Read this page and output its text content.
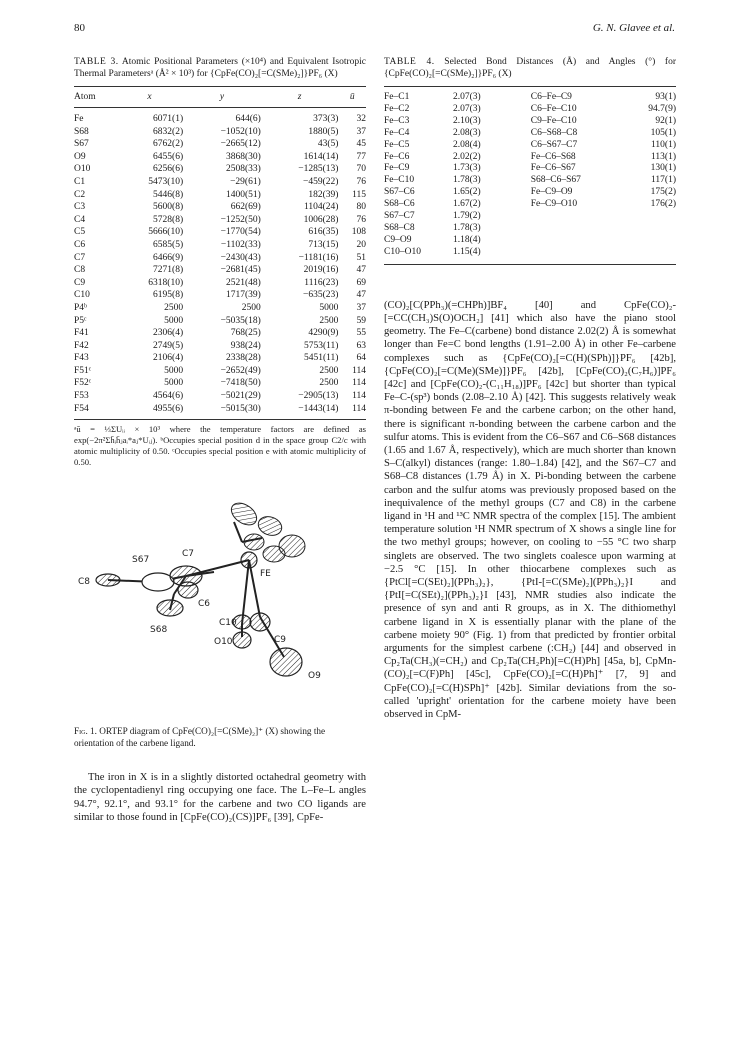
80	G. N. Glavee et al.
TABLE 3. Atomic Positional Parameters (×10⁴) and Equivalent Isotropic Thermal Parametersᵃ (Å² × 10³) for {CpFe(CO)₂[=C(SMe)₂]}PF₆ (X)
Atom	x	y	z	ū
Fe	6071(1)	644(6)	373(3)	32
S68	6832(2)	−1052(10)	1880(5)	37
S67	6762(2)	−2665(12)	43(5)	45
O9	6455(6)	3868(30)	1614(14)	77
O10	6256(6)	2508(33)	−1285(13)	70
C1	5473(10)	−29(61)	−459(22)	76
C2	5446(8)	1400(51)	182(39)	115
C3	5600(8)	662(69)	1104(24)	80
C4	5728(8)	−1252(50)	1006(28)	76
C5	5666(10)	−1770(54)	616(35)	108
C6	6585(5)	−1102(33)	713(15)	20
C7	6466(9)	−2430(43)	−1181(16)	51
C8	7271(8)	−2681(45)	2019(16)	47
C9	6318(10)	2521(48)	1116(23)	69
C10	6195(8)	1717(39)	−635(23)	47
P4ᵇ	2500	2500	5000	37
P5ᶜ	5000	−5035(18)	2500	59
F41	2306(4)	768(25)	4290(9)	55
F42	2749(5)	938(24)	5753(11)	63
F43	2106(4)	2338(28)	5451(11)	64
F51ᶜ	5000	−2652(49)	2500	114
F52ᶜ	5000	−7418(50)	2500	114
F53	4564(6)	−5021(29)	−2905(13)	114
F54	4955(6)	−5015(30)	−1443(14)	114
ᵃū = ⅓ΣUᵢᵢ × 10³ where the temperature factors are defined as exp(−2π²Σh̄ᵢh̄ⱼaᵢ*aⱼ*Uᵢⱼ). ᵇOccupies special position d in the space group C2/c with atomic multiplicity of 0.50. ᶜOccupies special position e with atomic multiplicity of 0.50.
S67
C7
C8
FE
C6
S68
C10
O10	C9
O9
Fig. 1. ORTEP diagram of CpFe(CO)₂[=C(SMe)₂]⁺ (X) showing the orientation of the carbene ligand.

The iron in X is in a slightly distorted octahedral geometry with the cyclopentadienyl ring occupying one face. The L–Fe–L angles 94.7°, 92.1°, and 93.1° for the carbene and two CO ligands are similar to those found in [CpFe(CO)₂(CS)]PF₆ [39], CpFe-

TABLE 4. Selected Bond Distances (Å) and Angles (°) for {CpFe(CO)₂[=C(SMe)₂]}PF₆ (X)
Fe–C1	2.07(3)	C6–Fe–C9	93(1)
Fe–C2	2.07(3)	C6–Fe–C10	94.7(9)
Fe–C3	2.10(3)	C9–Fe–C10	92(1)
Fe–C4	2.08(3)	C6–S68–C8	105(1)
Fe–C5	2.08(4)	C6–S67–C7	110(1)
Fe–C6	2.02(2)	Fe–C6–S68	113(1)
Fe–C9	1.73(3)	Fe–C6–S67	130(1)
Fe–C10	1.78(3)	S68–C6–S67	117(1)
S67–C6	1.65(2)	Fe–C9–O9	175(2)
S68–C6	1.67(2)	Fe–C9–O10	176(2)
S67–C7	1.79(2)		
S68–C8	1.78(3)		
C9–O9	1.18(4)		
C10–O10	1.15(4)		

(CO)₂[C(PPh₃)(=CHPh)]BF₄ [40] and CpFe(CO)₂-[=CC(CH₃)S(O)OCH₂] [41] which also have the piano stool geometry. The Fe–C(carbene) bond distance 2.02(2) Å is somewhat longer than Fe=C bond lengths (1.91–2.00 Å) in other Fe–carbene complexes such as {CpFe(CO)₂[=C(H)(SPh)]}PF₆ [42b], {CpFe(CO)₂[=C(Me)(SMe)]}PF₆ [42b], [CpFe(CO)₂(C₇H₆)]PF₆ [42c] and [CpFe(CO)₂-(C₁₁H₁₈)]PF₆ [42c] but shorter than typical Fe–C-(sp³) bonds (2.08–2.10 Å) [42]. This suggests relatively weak π-bonding between Fe and the carbene carbon; on the other hand, there is significant π-bonding between the carbene carbon and the sulfur atoms. This is evident from the C6–S67 and C6–S68 distances (1.65 and 1.67 Å, respectively), which are much shorter than known S–C(alkyl) distances (range: 1.80–1.84) [42], and the S67–C7 and S68–C8 distances (1.79 Å) in X. Pi-bonding between the carbene carbon and the sulfur atoms was previously proposed based on the inequivalence of the methyl groups (C7 and C8) in the carbene ligand in ¹H and ¹³C NMR spectra of the complex [15]. The ambient temperature solution ¹H NMR spectrum of X shows a single line for the two methyl groups; however, on cooling to −55 °C two sharp singlets are observed. The two singlets coalesce upon warming at −2.5 °C [15]. In other thiocarbene complexes such as {PtCl[=C(SEt)₂](PPh₃)₂}, {PtI-[=C(SMe)₂](PPh₃)₂}I and {PtI[=C(SEt)₂](PPh₃)₂}I [43], NMR studies also indicate the presence of syn and anti R groups, as in X. The dithiomethyl carbene ligand in X is essentially planar with the plane of the carbene moiety 90° (Fig. 1) from that predicted by frontier orbital arguments for the simplest carbene (:CH₂) [44] and observed in Cp₂Ta(CH₃)(=CH₂) and Cp₂Ta(CH₂Ph)[=C(H)Ph] [45a, b], CpMn-(CO)₂[=C(F)Ph] [45c], CpFe(CO)₂[=C(H)Ph]⁺ [7, 9] and CpFe(CO)₂[=C(H)SPh]⁺ [42b]. Similar deviations from the so-called 'upright' orientation for the carbene moiety have been observed in CpM-
